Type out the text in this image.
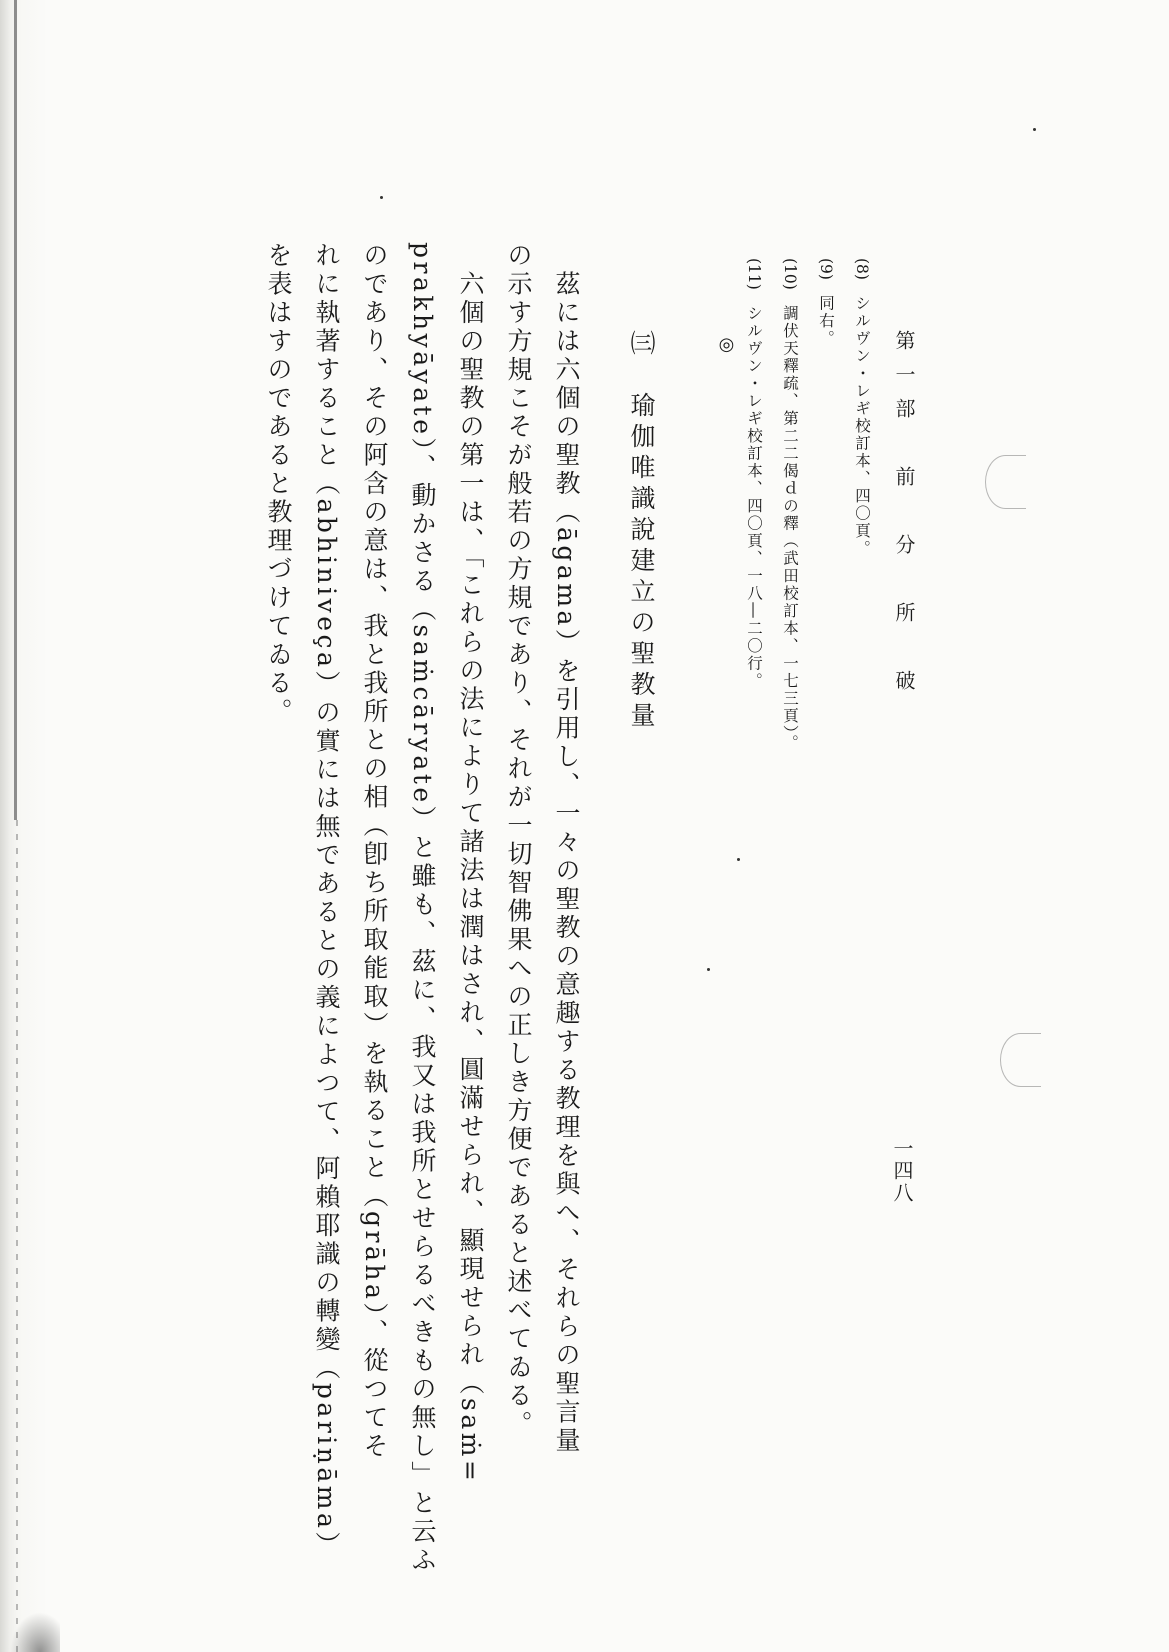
第一部　前　分　所　破
一四八
(8) シルヴン・レギ校訂本、四〇頁。
(9) 同右。
(10) 調伏天釋疏、第二二偈ｄの釋（武田校訂本、一七三頁）。
(11) シルヴン・レギ校訂本、四〇頁、一八―二〇行。
◎
㈢　瑜伽唯識說建立の聖教量
　茲には六個の聖教（āgama）を引用し、一々の聖教の意趣する教理を與へ、それらの聖言量
の示す方規こそが般若の方規であり、それが一切智佛果への正しき方便であると述べてゐる。
　六個の聖教の第一は、「これらの法によりて諸法は潤はされ、圓滿せられ、顯現せられ（saṁ=
prakhyāyate）、動かさる（saṁcāryate）と雖も、茲に、我又は我所とせらるべきもの無し」と云ふ
のであり、その阿含の意は、我と我所との相（卽ち所取能取）を執ること（grāha）、從つてそ
れに執著すること（abhiniveça）の實には無であるとの義によつて、阿賴耶識の轉變（pariṇāma）
を表はすのであると教理づけてゐる。
